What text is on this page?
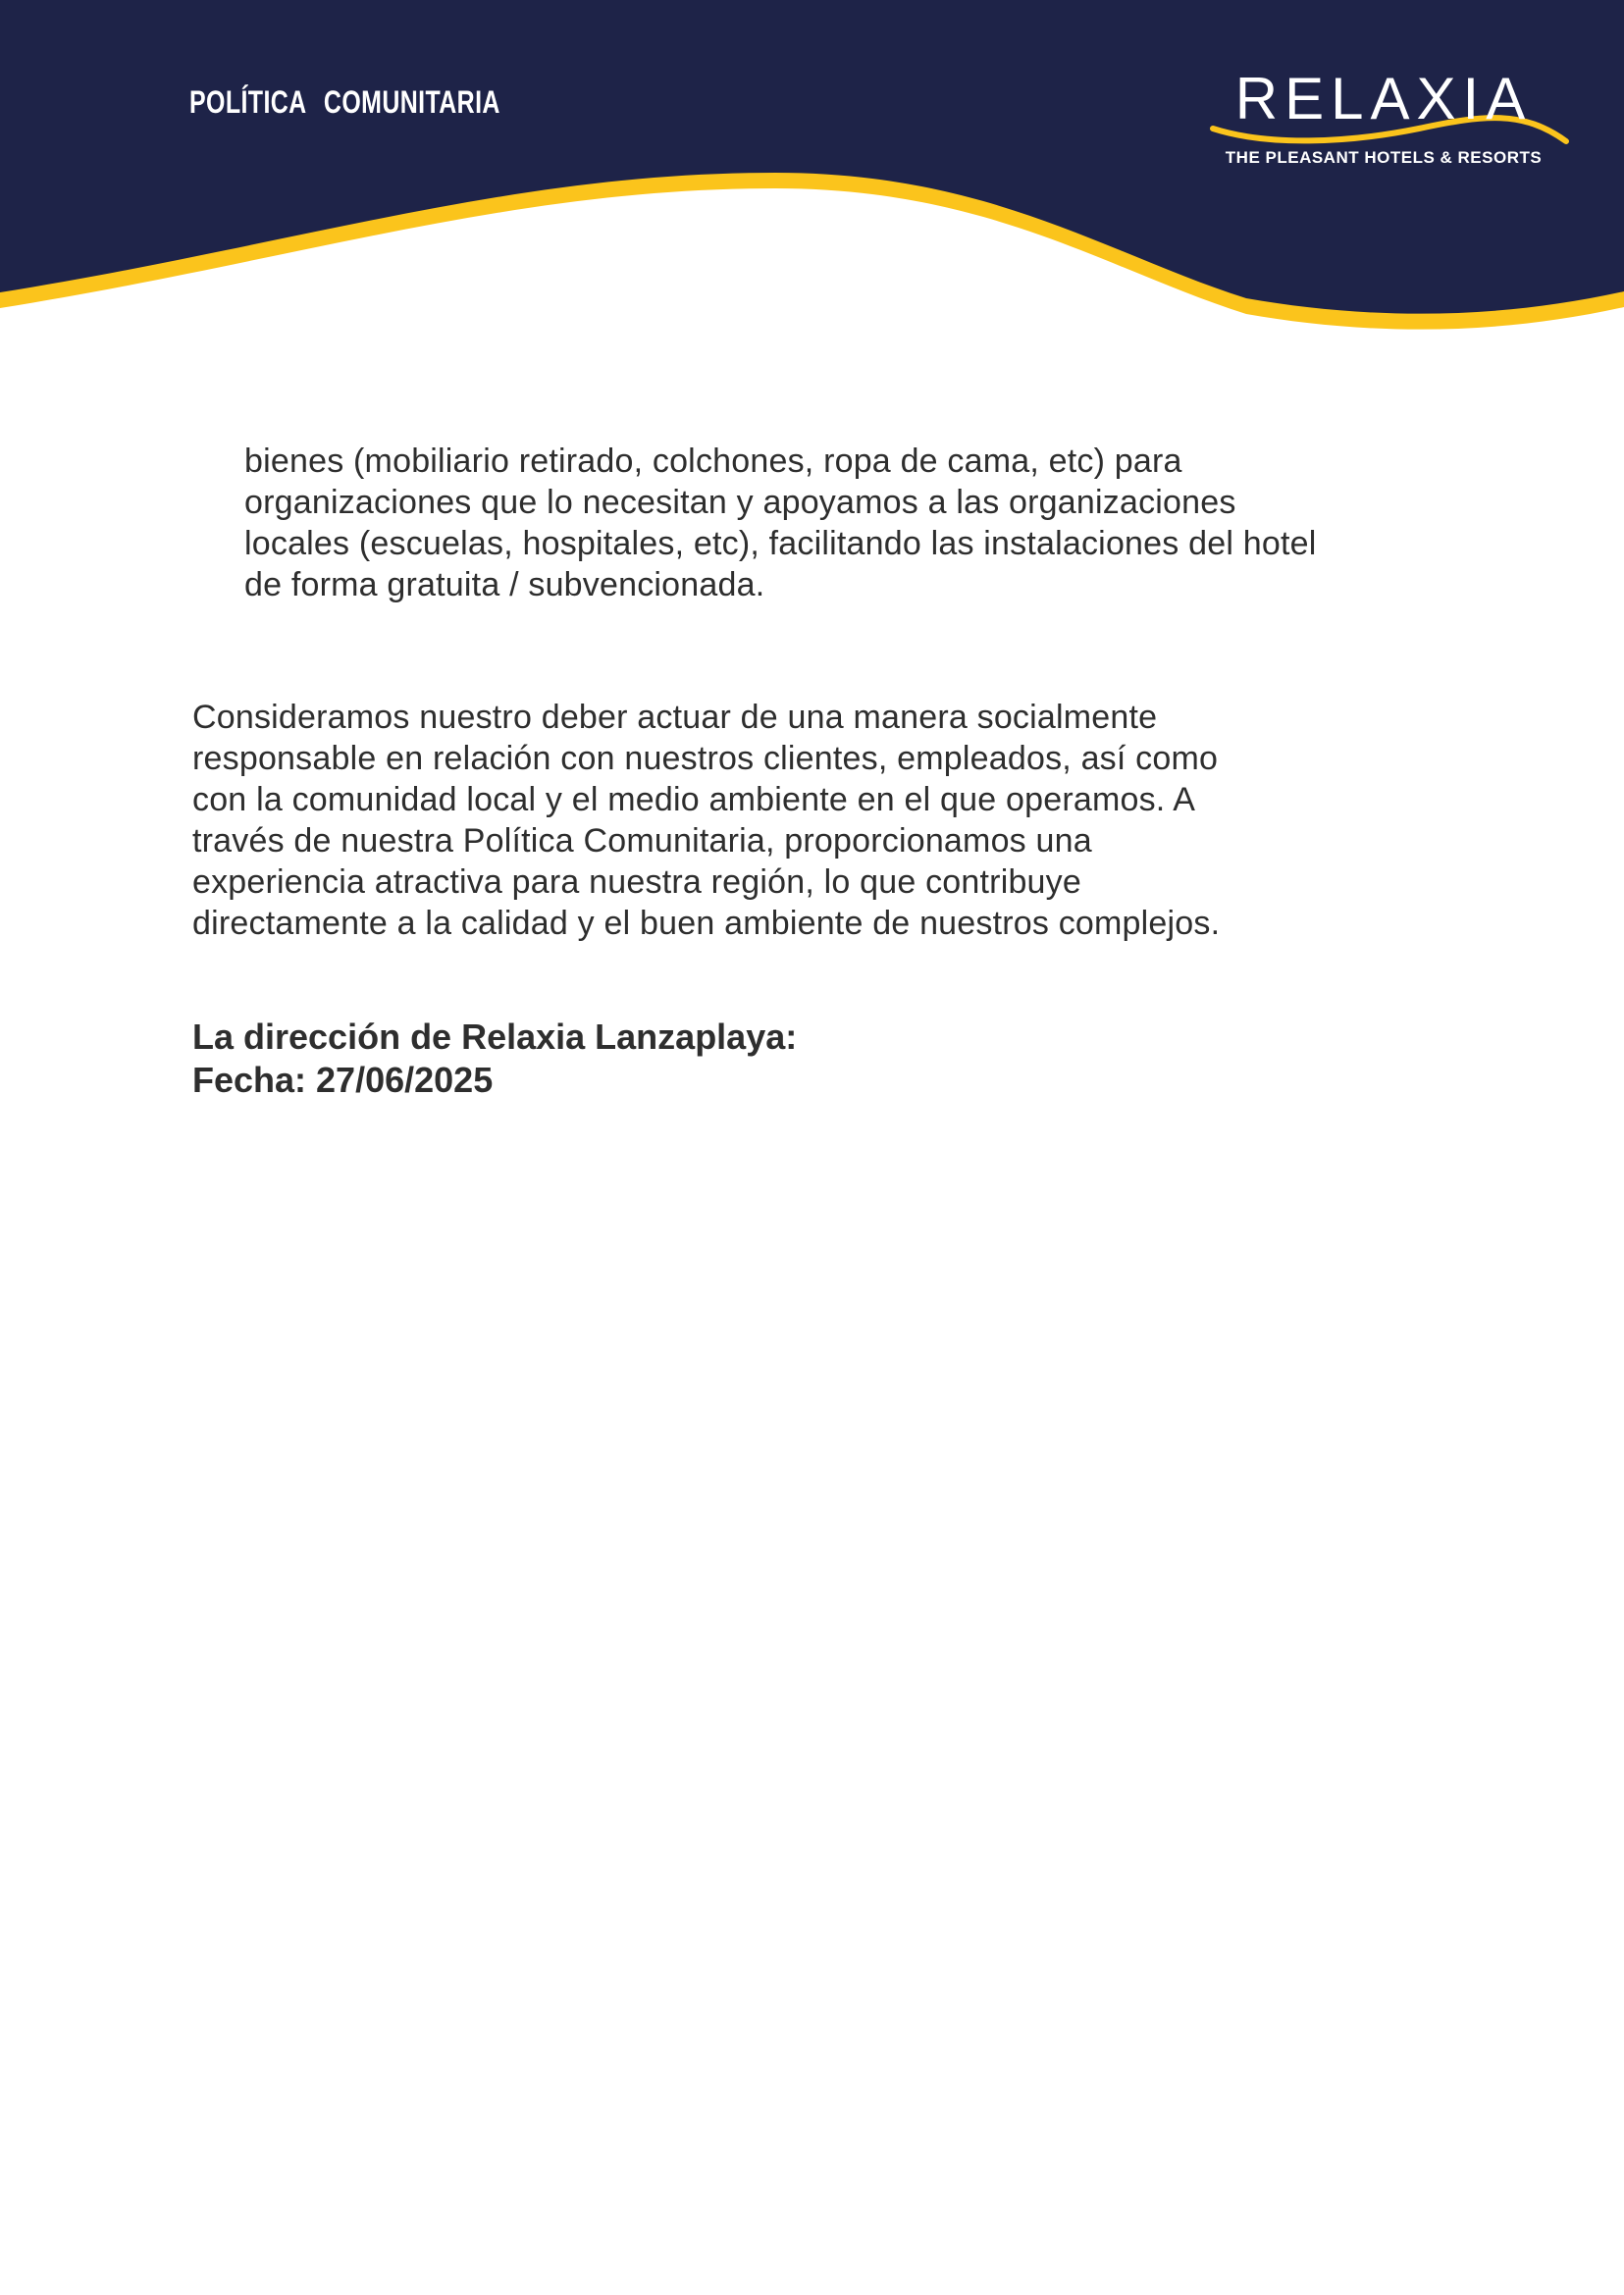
POLÍTICA COMUNITARIA	RELAXIA
THE PLEASANT HOTELS & RESORTS
bienes (mobiliario retirado, colchones, ropa de cama, etc) para
organizaciones que lo necesitan y apoyamos a las organizaciones
locales (escuelas, hospitales, etc), facilitando las instalaciones del hotel
de forma gratuita / subvencionada.
Consideramos nuestro deber actuar de una manera socialmente
responsable en relación con nuestros clientes, empleados, así como
con la comunidad local y el medio ambiente en el que operamos. A
través de nuestra Política Comunitaria, proporcionamos una
experiencia atractiva para nuestra región, lo que contribuye
directamente a la calidad y el buen ambiente de nuestros complejos.
La dirección de Relaxia Lanzaplaya:
Fecha: 27/06/2025
